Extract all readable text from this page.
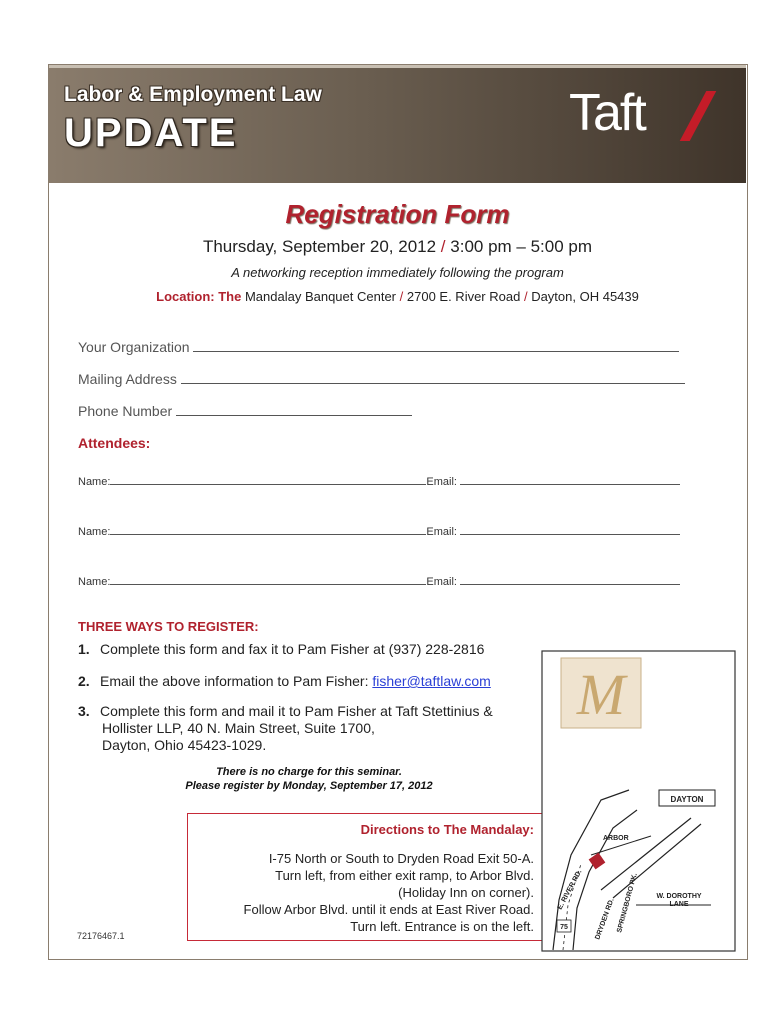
Labor & Employment Law
UPDATE	Taft
Registration Form
Thursday, September 20, 2012 / 3:00 pm – 5:00 pm
A networking reception immediately following the program
Location: The Mandalay Banquet Center / 2700 E. River Road / Dayton, OH 45439
Your Organization
Mailing Address
Phone Number
Attendees:
Name:	Email:
Name:	Email:
Name:	Email:
THREE WAYS TO REGISTER:
1. Complete this form and fax it to Pam Fisher at (937) 228-2816
2. Email the above information to Pam Fisher: fisher@taftlaw.com
3. Complete this form and mail it to Pam Fisher at Taft Stettinius &
Hollister LLP, 40 N. Main Street, Suite 1700,
Dayton, Ohio 45423-1029.
There is no charge for this seminar.
Please register by Monday, September 17, 2012
Directions to The Mandalay:
I-75 North or South to Dryden Road Exit 50-A.
Turn left, from either exit ramp, to Arbor Blvd.
(Holiday Inn on corner).
Follow Arbor Blvd. until it ends at East River Road.
Turn left. Entrance is on the left.
72176467.1
M
DAYTON
ARBOR
E. RIVER RD.	SPRINGBORO PK.
DRYDEN RD.
W. DOROTHY
LANE
75
